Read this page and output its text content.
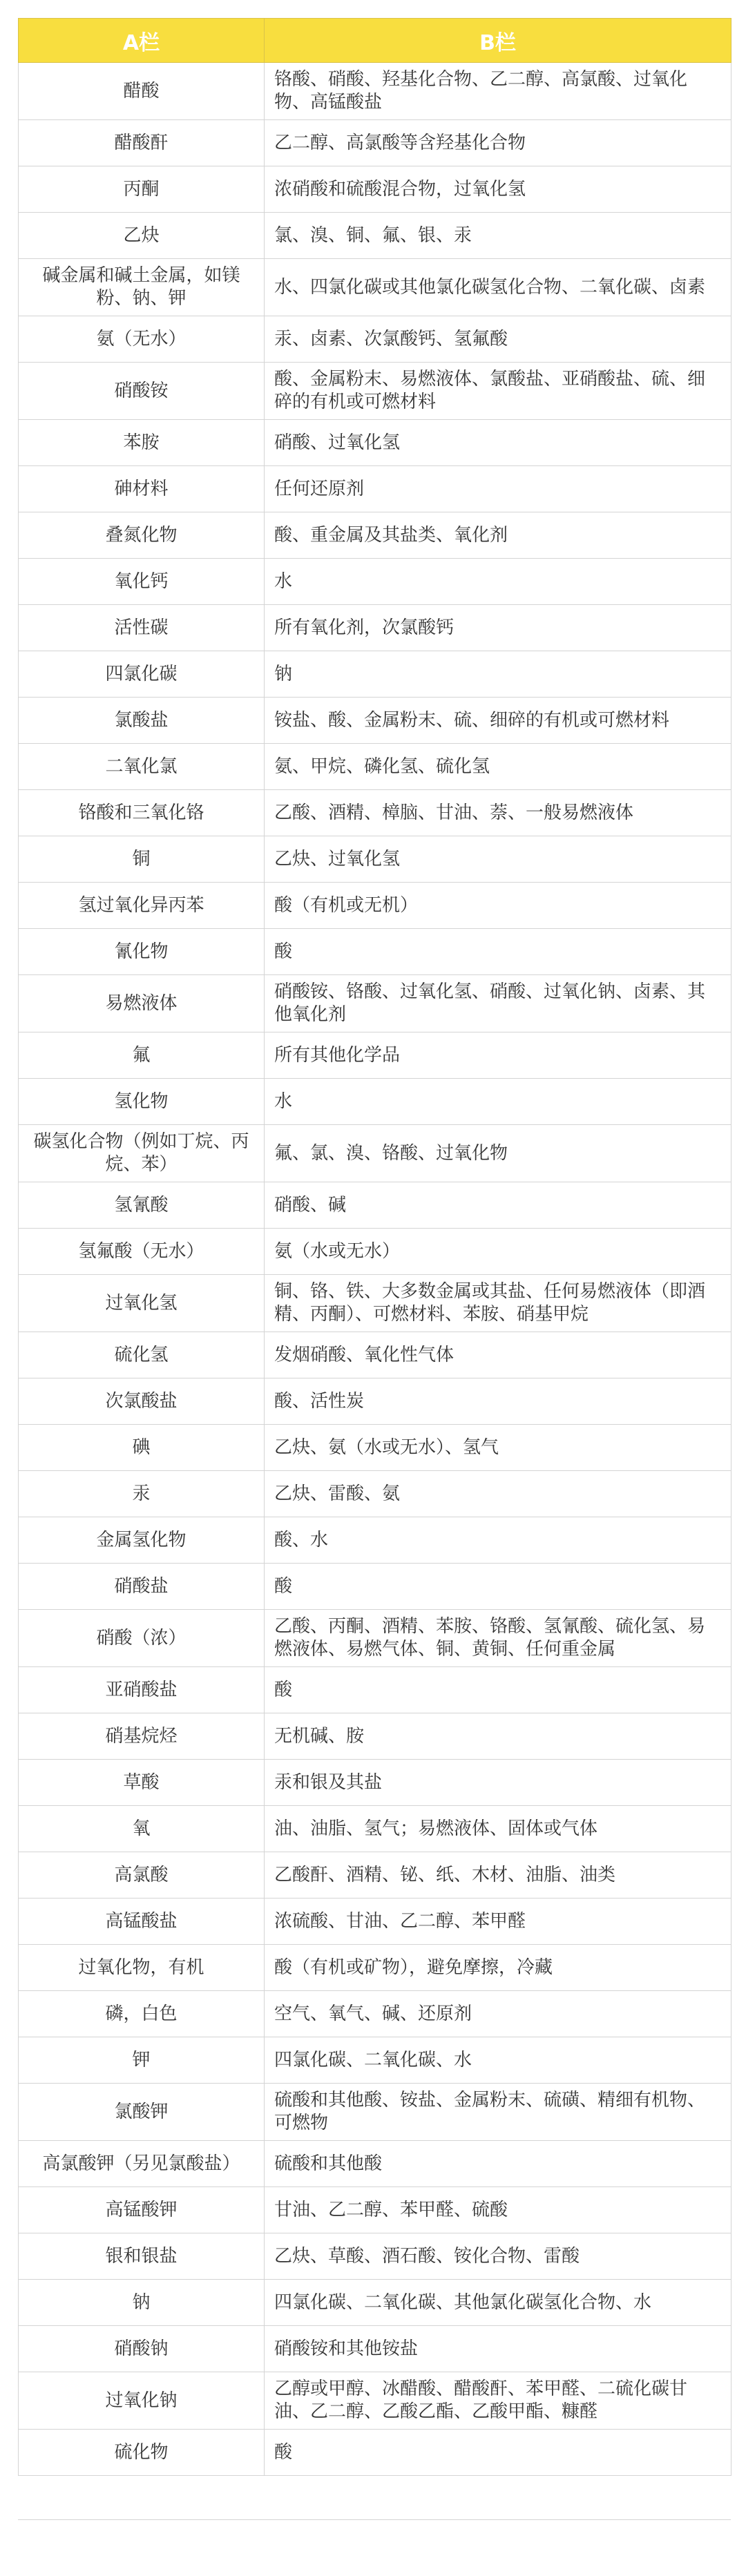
A栏	B栏
醋酸	铬酸、硝酸、羟基化合物、乙二醇、高氯酸、过氧化物、高锰酸盐
醋酸酐	乙二醇、高氯酸等含羟基化合物
丙酮	浓硝酸和硫酸混合物，过氧化氢
乙炔	氯、溴、铜、氟、银、汞
碱金属和碱土金属，如镁粉、钠、钾	水、四氯化碳或其他氯化碳氢化合物、二氧化碳、卤素
氨（无水）	汞、卤素、次氯酸钙、氢氟酸
硝酸铵	酸、金属粉末、易燃液体、氯酸盐、亚硝酸盐、硫、细碎的有机或可燃材料
苯胺	硝酸、过氧化氢
砷材料	任何还原剂
叠氮化物	酸、重金属及其盐类、氧化剂
氧化钙	水
活性碳	所有氧化剂，次氯酸钙
四氯化碳	钠
氯酸盐	铵盐、酸、金属粉末、硫、细碎的有机或可燃材料
二氧化氯	氨、甲烷、磷化氢、硫化氢
铬酸和三氧化铬	乙酸、酒精、樟脑、甘油、萘、一般易燃液体
铜	乙炔、过氧化氢
氢过氧化异丙苯	酸（有机或无机）
氰化物	酸
易燃液体	硝酸铵、铬酸、过氧化氢、硝酸、过氧化钠、卤素、其他氧化剂
氟	所有其他化学品
氢化物	水
碳氢化合物（例如丁烷、丙烷、苯）	氟、氯、溴、铬酸、过氧化物
氢氰酸	硝酸、碱
氢氟酸（无水）	氨（水或无水）
过氧化氢	铜、铬、铁、大多数金属或其盐、任何易燃液体（即酒精、丙酮）、可燃材料、苯胺、硝基甲烷
硫化氢	发烟硝酸、氧化性气体
次氯酸盐	酸、活性炭
碘	乙炔、氨（水或无水）、氢气
汞	乙炔、雷酸、氨
金属氢化物	酸、水
硝酸盐	酸
硝酸（浓）	乙酸、丙酮、酒精、苯胺、铬酸、氢氰酸、硫化氢、易燃液体、易燃气体、铜、黄铜、任何重金属
亚硝酸盐	酸
硝基烷烃	无机碱、胺
草酸	汞和银及其盐
氧	油、油脂、氢气；易燃液体、固体或气体
高氯酸	乙酸酐、酒精、铋、纸、木材、油脂、油类
高锰酸盐	浓硫酸、甘油、乙二醇、苯甲醛
过氧化物，有机	酸（有机或矿物），避免摩擦，冷藏
磷，白色	空气、氧气、碱、还原剂
钾	四氯化碳、二氧化碳、水
氯酸钾	硫酸和其他酸、铵盐、金属粉末、硫磺、精细有机物、可燃物
高氯酸钾（另见氯酸盐）	硫酸和其他酸
高锰酸钾	甘油、乙二醇、苯甲醛、硫酸
银和银盐	乙炔、草酸、酒石酸、铵化合物、雷酸
钠	四氯化碳、二氧化碳、其他氯化碳氢化合物、水
硝酸钠	硝酸铵和其他铵盐
过氧化钠	乙醇或甲醇、冰醋酸、醋酸酐、苯甲醛、二硫化碳甘油、乙二醇、乙酸乙酯、乙酸甲酯、糠醛
硫化物	酸
